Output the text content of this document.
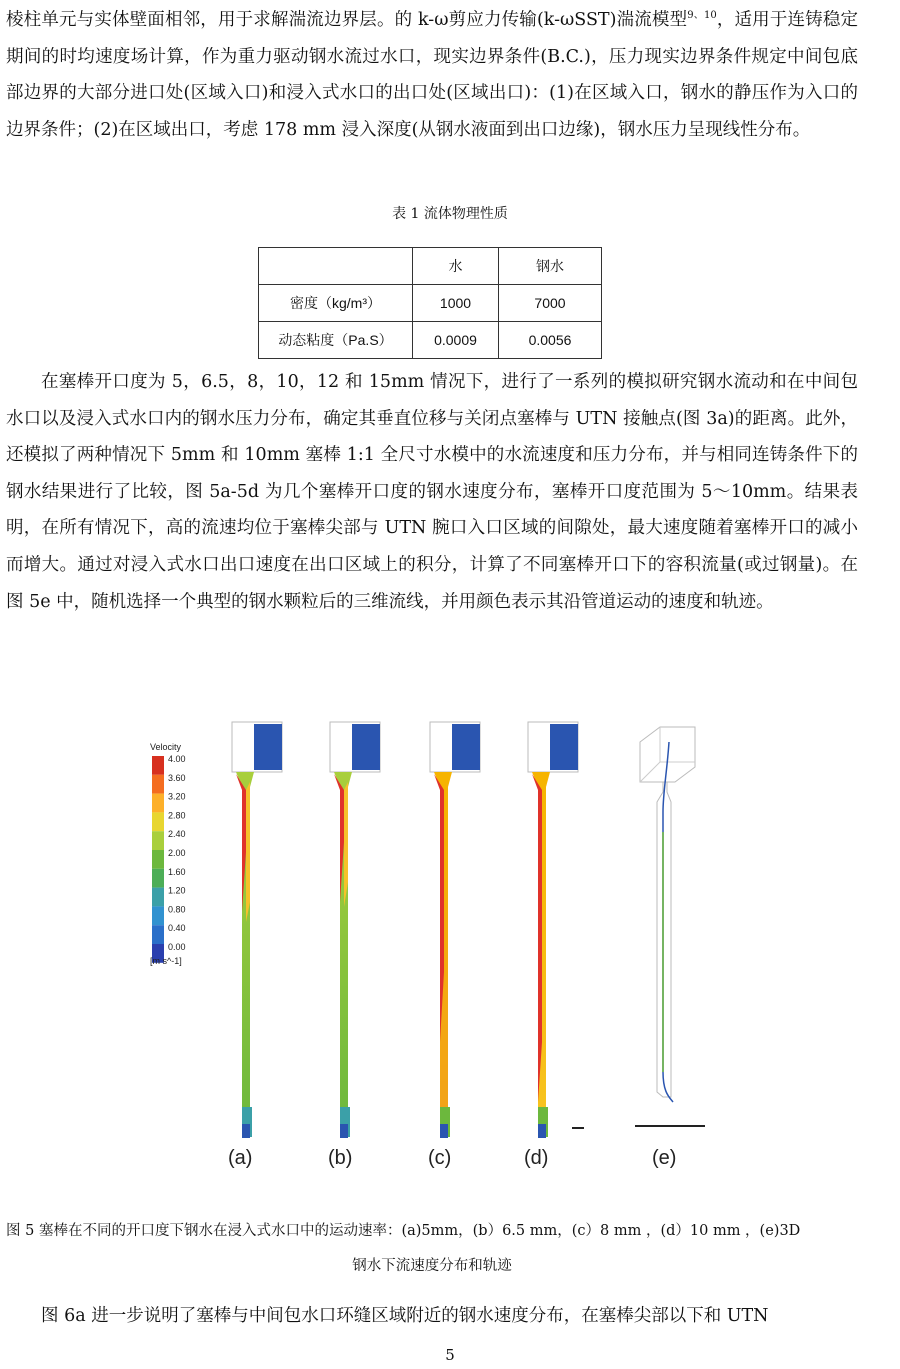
棱柱单元与实体壁面相邻，用于求解湍流边界层。的 k-ω剪应力传输(k-ωSST)湍流模型$^{9、10}$，适用于连铸稳定期间的时均速度场计算，作为重力驱动钢水流过水口，现实边界条件(B.C.)，压力现实边界条件规定中间包底部边界的大部分进口处(区域入口)和浸入式水口的出口处(区域出口)：(1)在区域入口，钢水的静压作为入口的边界条件；(2)在区域出口，考虑 178 mm 浸入深度(从钢水液面到出口边缘)，钢水压力呈现线性分布。

表 1 流体物理性质
	水	钢水
密度（kg/m³）	1000	7000
动态粘度（Pa.S）	0.0009	0.0056

在塞棒开口度为 5，6.5，8，10，12 和 15mm 情况下，进行了一系列的模拟研究钢水流动和在中间包水口以及浸入式水口内的钢水压力分布，确定其垂直位移与关闭点塞棒与 UTN 接触点(图 3a)的距离。此外，还模拟了两种情况下 5mm 和 10mm 塞棒 1:1 全尺寸水模中的水流速度和压力分布，并与相同连铸条件下的钢水结果进行了比较，图 5a-5d 为几个塞棒开口度的钢水速度分布，塞棒开口度范围为 5～10mm。结果表明，在所有情况下，高的流速均位于塞棒尖部与 UTN 腕口入口区域的间隙处，最大速度随着塞棒开口的减小而增大。通过对浸入式水口出口速度在出口区域上的积分，计算了不同塞棒开口下的容积流量(或过钢量)。在图 5e 中，随机选择一个典型的钢水颗粒后的三维流线，并用颜色表示其沿管道运动的速度和轨迹。

Velocity
4.00
3.60
3.20
2.80
2.40
2.00
1.60
1.20
0.80
0.40
0.00
[m s^-1]
(a)	(b)	(c)	(d)	(e)
图 5 塞棒在不同的开口度下钢水在浸入式水口中的运动速率：(a)5mm，(b）6.5 mm，(c）8 mm ，(d）10 mm ，(e)3D
钢水下流速度分布和轨迹

图 6a 进一步说明了塞棒与中间包水口环缝区域附近的钢水速度分布，在塞棒尖部以下和 UTN

5
